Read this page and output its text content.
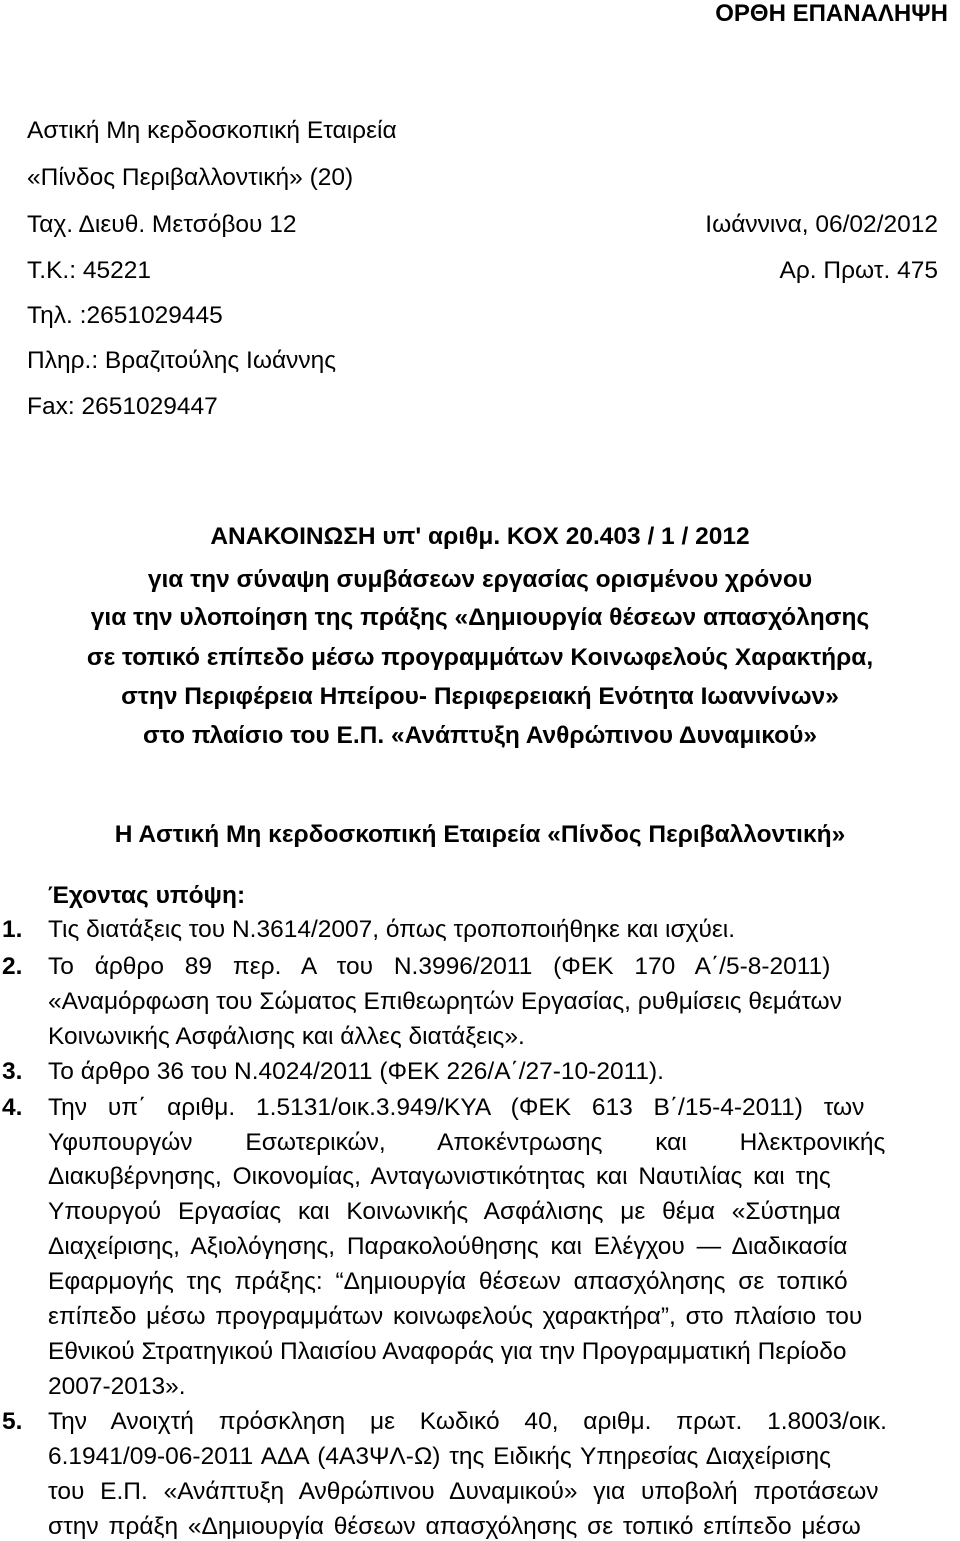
ΟΡΘΗ ΕΠΑΝΑΛΗΨΗ
Αστική Μη κερδοσκοπική Εταιρεία
«Πίνδος Περιβαλλοντική» (20)
Ταχ. Διευθ. Μετσόβου 12	Ιωάννινα, 06/02/2012
Τ.Κ.: 45221	Αρ. Πρωτ. 475
Τηλ. :2651029445
Πληρ.: Βραζιτούλης Ιωάννης
Fax: 2651029447
ΑΝΑΚΟΙΝΩΣΗ υπ' αριθμ. ΚΟΧ 20.403 / 1 / 2012
για την σύναψη συμβάσεων εργασίας ορισμένου χρόνου
για την υλοποίηση της πράξης «Δημιουργία θέσεων απασχόλησης
σε τοπικό επίπεδο μέσω προγραμμάτων Κοινωφελούς Χαρακτήρα,
στην Περιφέρεια Ηπείρου- Περιφερειακή Ενότητα Ιωαννίνων»
στο πλαίσιο του Ε.Π. «Ανάπτυξη Ανθρώπινου Δυναμικού»
Η Αστική Μη κερδοσκοπική Εταιρεία «Πίνδος Περιβαλλοντική»
Έχοντας υπόψη:
1. Τις διατάξεις του Ν.3614/2007, όπως τροποποιήθηκε και ισχύει.
2. Το άρθρο 89 περ. Α του Ν.3996/2011 (ΦΕΚ 170 Α΄/5-8-2011)
«Αναμόρφωση του Σώματος Επιθεωρητών Εργασίας, ρυθμίσεις θεμάτων
Κοινωνικής Ασφάλισης και άλλες διατάξεις».
3. Το άρθρο 36 του Ν.4024/2011 (ΦΕΚ 226/Α΄/27-10-2011).
4. Την υπ΄ αριθμ. 1.5131/οικ.3.949/ΚΥΑ (ΦΕΚ 613 Β΄/15-4-2011) των
Υφυπουργών Εσωτερικών, Αποκέντρωσης και Ηλεκτρονικής
Διακυβέρνησης, Οικονομίας, Ανταγωνιστικότητας και Ναυτιλίας και της
Υπουργού Εργασίας και Κοινωνικής Ασφάλισης με θέμα «Σύστημα
Διαχείρισης, Αξιολόγησης, Παρακολούθησης και Ελέγχου — Διαδικασία
Εφαρμογής της πράξης: “Δημιουργία θέσεων απασχόλησης σε τοπικό
επίπεδο μέσω προγραμμάτων κοινωφελούς χαρακτήρα”, στο πλαίσιο του
Εθνικού Στρατηγικού Πλαισίου Αναφοράς για την Προγραμματική Περίοδο
2007-2013».
5. Την Ανοιχτή πρόσκληση με Κωδικό 40, αριθμ. πρωτ. 1.8003/οικ.
6.1941/09-06-2011 ΑΔΑ (4Α3ΨΛ-Ω) της Ειδικής Υπηρεσίας Διαχείρισης
του Ε.Π. «Ανάπτυξη Ανθρώπινου Δυναμικού» για υποβολή προτάσεων
στην πράξη «Δημιουργία θέσεων απασχόλησης σε τοπικό επίπεδο μέσω
